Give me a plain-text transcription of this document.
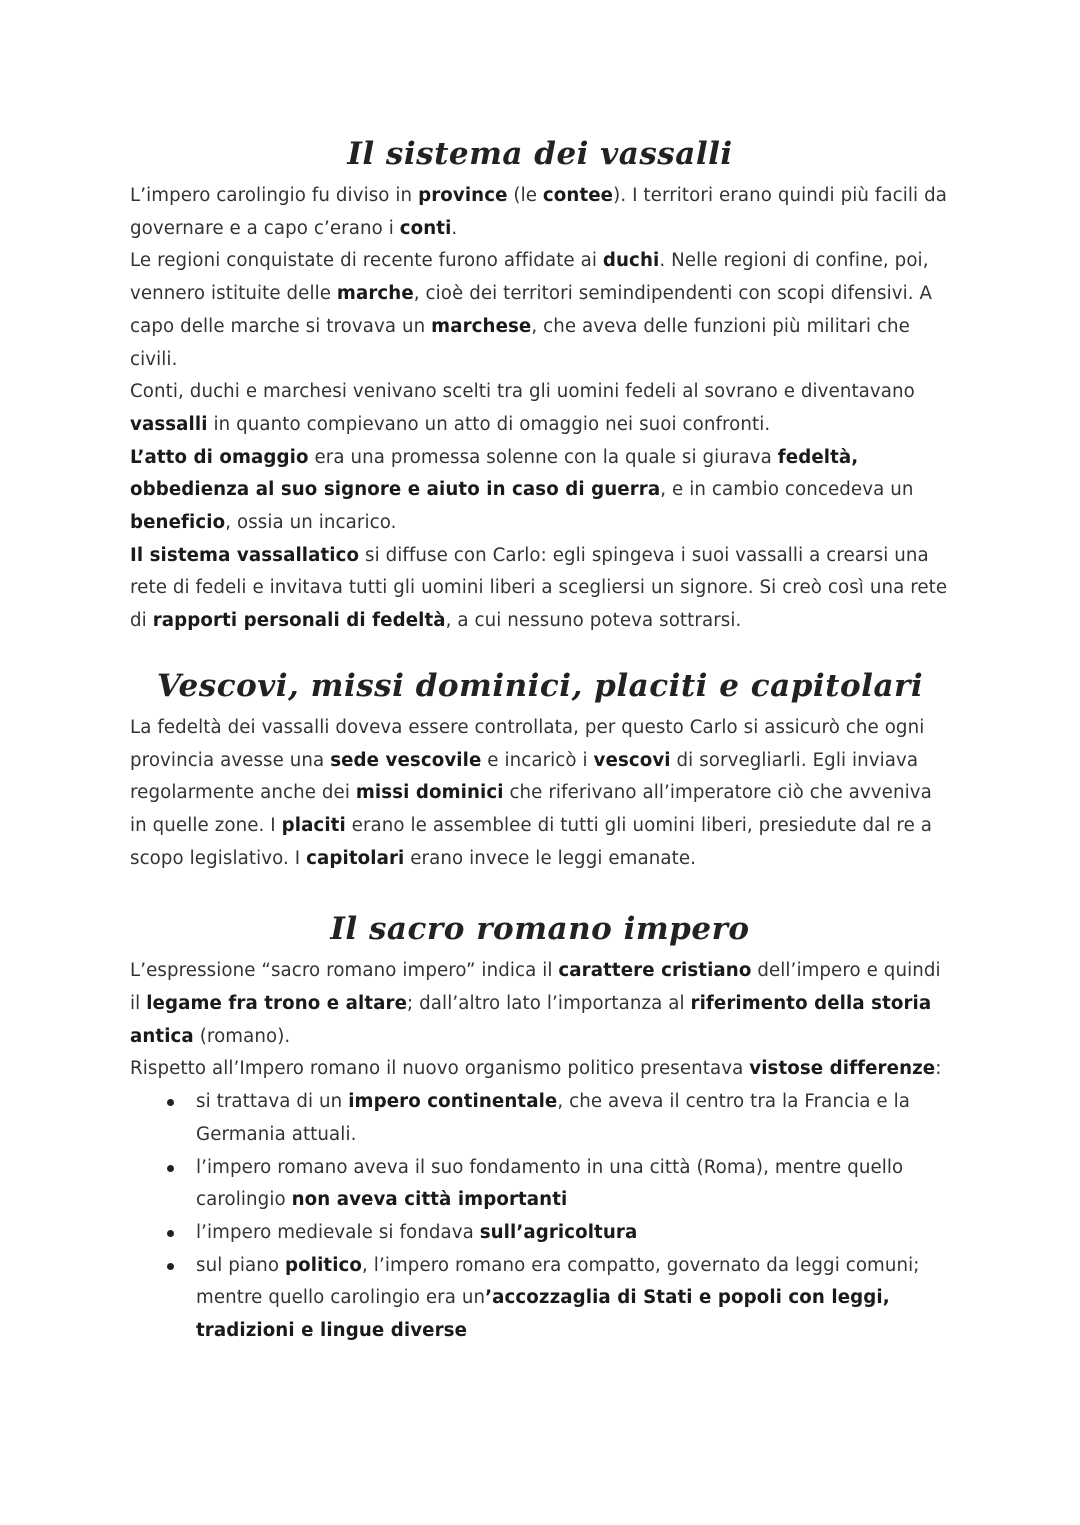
Il sistema dei vassalli

L’impero carolingio fu diviso in province (le contee). I territori erano quindi più facili da governare e a capo c’erano i conti.

Le regioni conquistate di recente furono affidate ai duchi. Nelle regioni di confine, poi, vennero istituite delle marche, cioè dei territori semindipendenti con scopi difensivi. A capo delle marche si trovava un marchese, che aveva delle funzioni più militari che civili.

Conti, duchi e marchesi venivano scelti tra gli uomini fedeli al sovrano e diventavano vassalli in quanto compievano un atto di omaggio nei suoi confronti.

L’atto di omaggio era una promessa solenne con la quale si giurava fedeltà, obbedienza al suo signore e aiuto in caso di guerra, e in cambio concedeva un beneficio, ossia un incarico.

Il sistema vassallatico si diffuse con Carlo: egli spingeva i suoi vassalli a crearsi una rete di fedeli e invitava tutti gli uomini liberi a scegliersi un signore. Si creò così una rete di rapporti personali di fedeltà, a cui nessuno poteva sottrarsi.

Vescovi, missi dominici, placiti e capitolari

La fedeltà dei vassalli doveva essere controllata, per questo Carlo si assicurò che ogni provincia avesse una sede vescovile e incaricò i vescovi di sorvegliarli. Egli inviava regolarmente anche dei missi dominici che riferivano all’imperatore ciò che avveniva in quelle zone. I placiti erano le assemblee di tutti gli uomini liberi, presiedute dal re a scopo legislativo. I capitolari erano invece le leggi emanate.

Il sacro romano impero

L’espressione “sacro romano impero” indica il carattere cristiano dell’impero e quindi il legame fra trono e altare; dall’altro lato l’importanza al riferimento della storia antica (romano).

Rispetto all’Impero romano il nuovo organismo politico presentava vistose differenze:

si trattava di un impero continentale, che aveva il centro tra la Francia e la Germania attuali.
l’impero romano aveva il suo fondamento in una città (Roma), mentre quello carolingio non aveva città importanti
l’impero medievale si fondava sull’agricoltura
sul piano politico, l’impero romano era compatto, governato da leggi comuni; mentre quello carolingio era un’accozzaglia di Stati e popoli con leggi, tradizioni e lingue diverse
